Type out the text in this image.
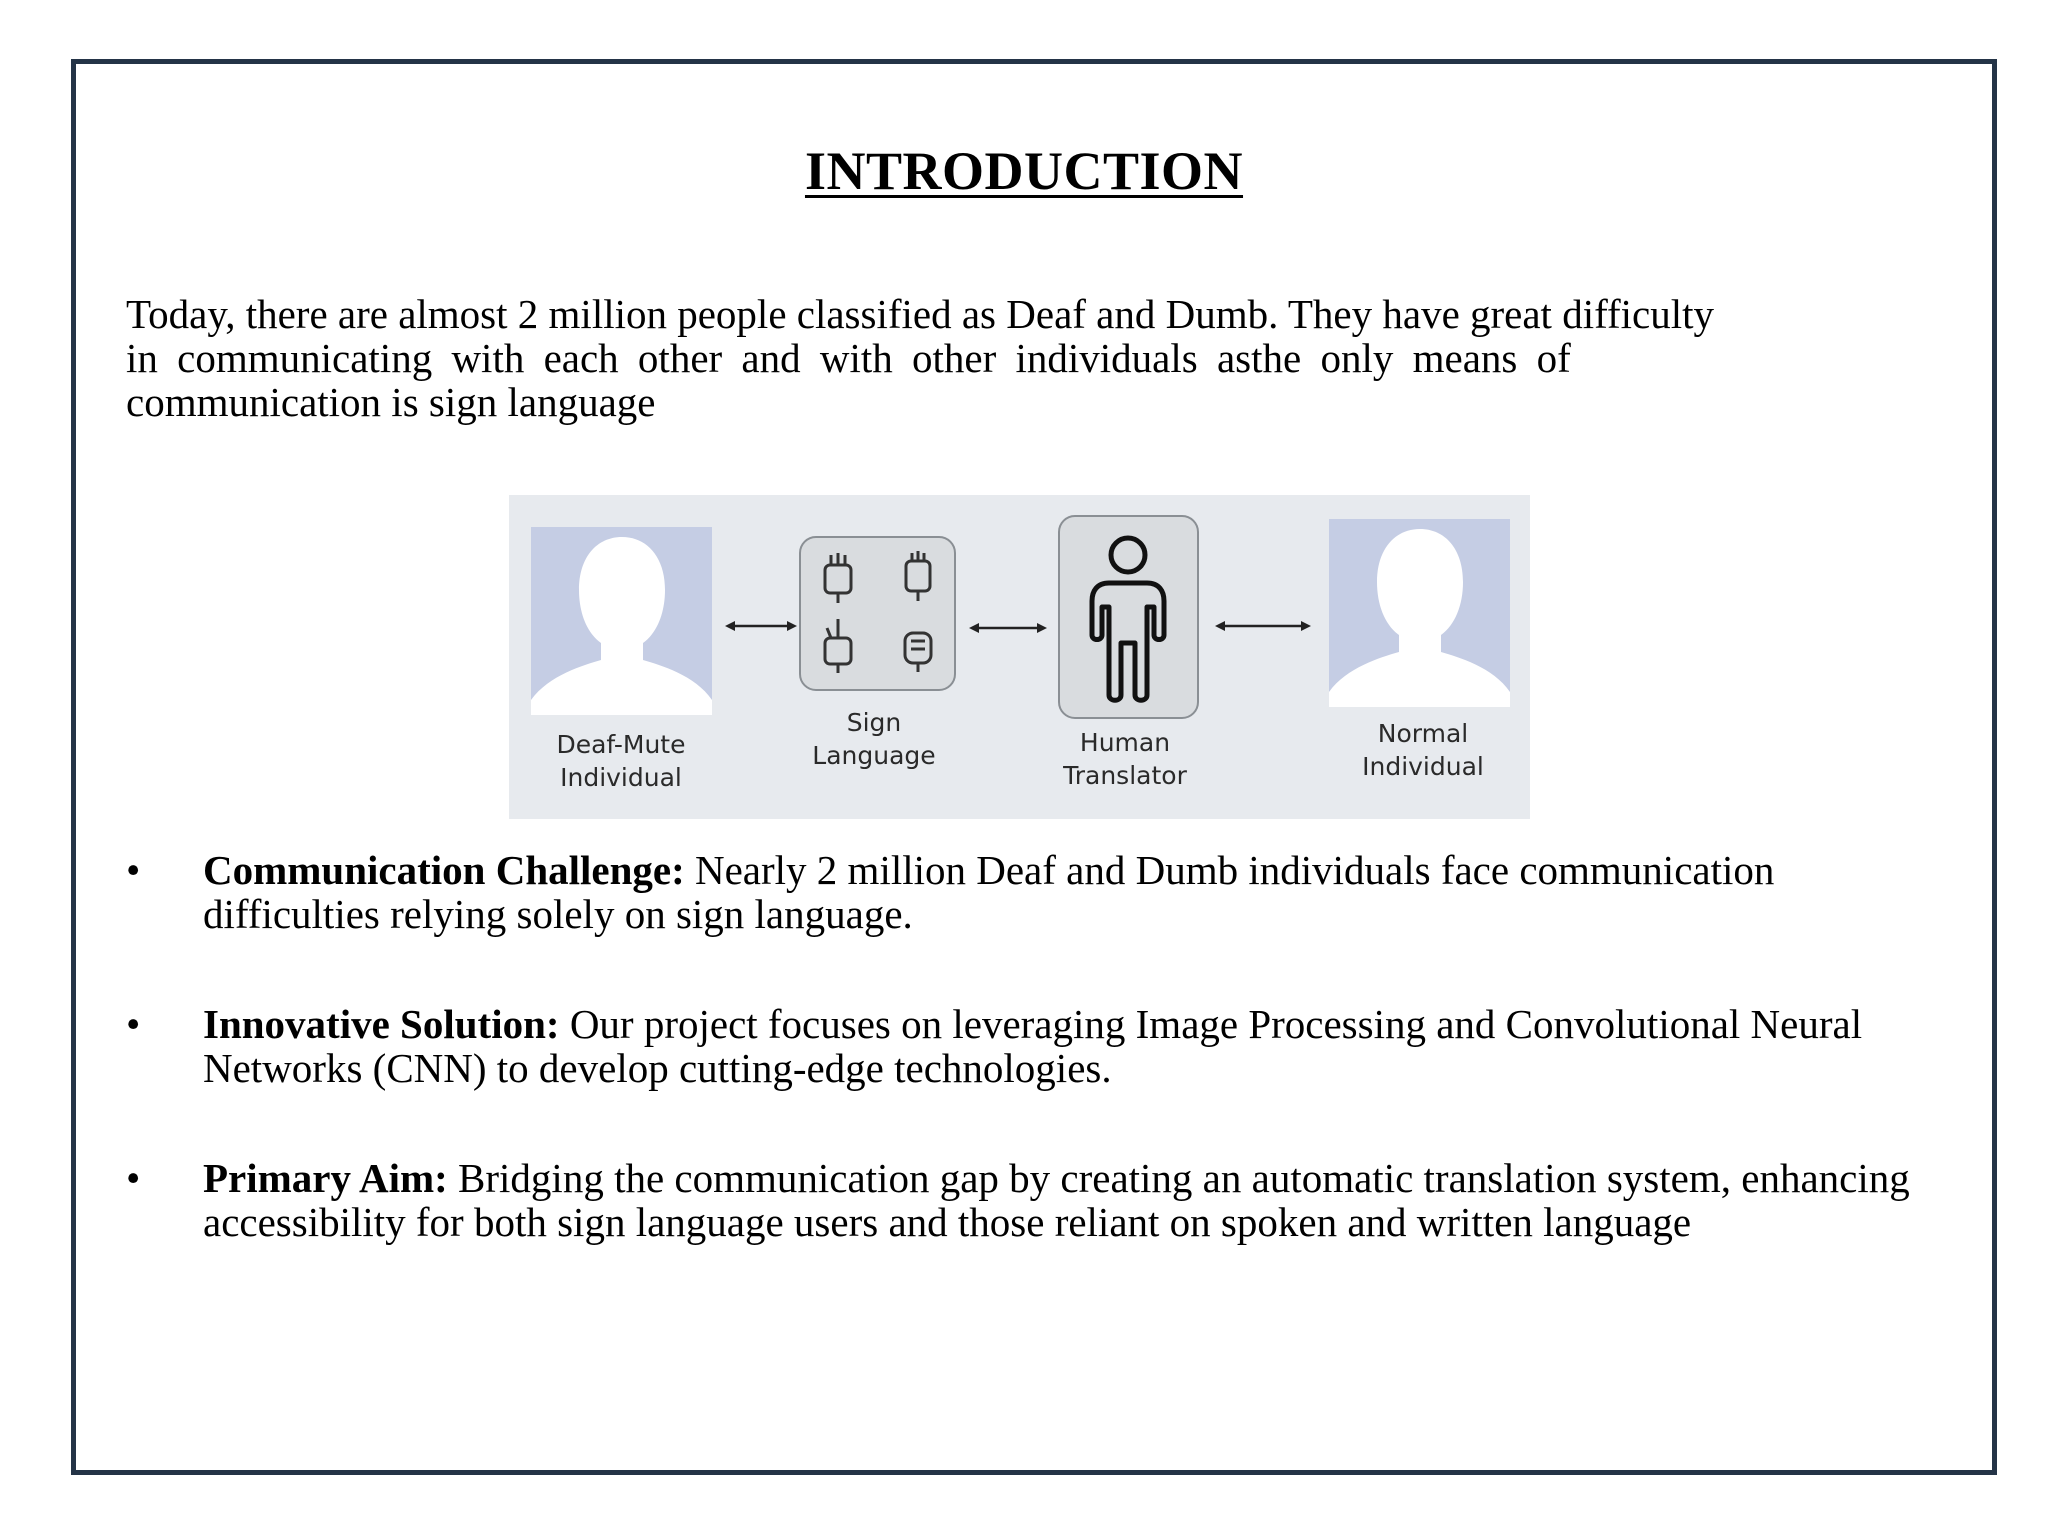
INTRODUCTION
Today, there are almost 2 million people classified as Deaf and Dumb. They have great difficulty
in communicating with each other and with other individuals asthe only means of
communication is sign language
Deaf-Mute
Individual
Sign
Language	Human
Translator
Normal
Individual
• Communication Challenge: Nearly 2 million Deaf and Dumb individuals face communication difficulties relying solely on sign language.
• Innovative Solution: Our project focuses on leveraging Image Processing and Convolutional Neural Networks (CNN) to develop cutting-edge technologies.
• Primary Aim: Bridging the communication gap by creating an automatic translation system, enhancing accessibility for both sign language users and those reliant on spoken and written language
